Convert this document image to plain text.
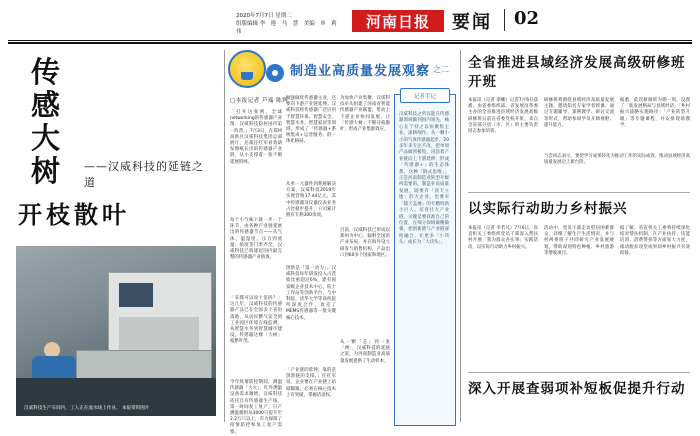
2020年7月7日 星期二
组版编辑 李　艳　马　慧　美编　单　莉　伟
河南日报	要闻 02
传感大树	——汉威科技的延链之道
开枝散叶
汉威科技生产车间内，工人正在流水线上作业。 本报资料图片
制造业高质量发展观察 之二
□本报记者 芦瑞 陈辉
「打开这张网，全球networking的传感器产业图，汉威科技稳居国内第一阵营。」7月3日，在郑州高新区汉威科技集团总部展厅，总裁任红军看着研发图纸长出的传感器产业链，从小支撑着一张不断延展的网。
每个小气味下就一步一个环节，由各种产业链延展出的传感器节点——从气体、温湿度、压力到流量、浓度等门类齐全，汉威科技已构建起国内最完整的传感器产业链条。
「采煤可以说十倍吗？」这几年，汉威科技的传感器产品已在全国多个省份落地，从居民燃气安全到工业园区环境在线监测，从智慧水务到智慧城市建设，传感器这棵「大树」枝繁叶茂。
今年疫情防控期间，测温传感器「大火」，红外测温设备需求激增。汉威科技依托自有传感器生产线，第一时间复工复产，日产测温模组从3000只提升至2.2万只以上，有力保障了疫情防控和复工复产需要。
做强做优传感器主业，还要向下游产业链延伸。汉威科技将传感器广泛应用于智慧环保、智慧安全、智慧水务、智慧家居等领域，形成了「传感器+系统集成+运营服务」的一体化格局。
从单一元器件到系统解决方案，汉威科技2019年实现营收17.44亿元，其中传感器及仪器仪表业务占比稳步提升，公司累计拥有专利300余项。
创新是「第一动力」。汉威科技每年研发投入占营收比重超过6%，建有国家级企业技术中心、院士工作站等创新平台，与中科院、清华大学等高校院所深度合作，攻克了MEMS传感器等一批关键核心技术。
「产业链的延伸，靠的是创新链的支撑。」任红军说，企业要在产业链上站稳脚跟，必须在核心技术上有突破，掌握话语权。
为加快产业集聚，汉威科技牵头组建了河南省智能传感器产业联盟，带动上下游企业协同发展，让「传感大树」不断开枝散叶，形成产业集群效应。
目前，汉威科技已形成以郑州为中心，辐射全国的产业布局，并在海外设立研发与销售机构，产品出口到60多个国家和地区。
从一颗「芯」到一张「网」，汉威科技的延链之道，为河南制造业高质量发展提供了生动样本。
记者手记
汉威科技之所以能在传感器领域做到国内领先，核心在于持之以恒聚焦主业、深耕细作。从一颗小小的气体传感器起步，20多年来专注不改，把单项产品做到极致，再沿着产业链向上下游延伸，形成「传感器+」的生态体系。这种「链式思维」，正是河南制造业转型升级所需要的。制造业高质量发展，既要有「顶天立地」的大企业，也要有「铺天盖地」的专精特新小巨人。培育壮大产业链，关键是要找准自己的位置，在细分领域做精做强，把创新链与产业链深度融合，让更多「小块头」成长为「大块头」。
全省推进县域经济发展高级研修班开班
本报讯（记者 栾姗）记者7月6日获悉，由省委组织部、省发展改革委主办的全省推进县域经济发展高级研修班日前在省委党校开班，来自全省部分县（市、区）的主要负责同志参加培训。
研修班将围绕县域经济高质量发展主题，邀请知名专家学者授课，通过专题辅导、案例教学、研讨交流等形式，帮助参训学员开阔视野、提升能力。
据悉，此次研修班为期一周，设置了「新发展格局与县域经济」「乡村振兴战略实施路径」「产业转型升级」等专题课程，并安排现场教学。
与会同志表示，要把学习成果转化为推动工作的实际成效，推动县域经济高质量发展迈上新台阶。
以实际行动助力乡村振兴
本报讯（记者 李若凡）7月6日，省直机关工委组织党员干部深入帮扶村开展「我为群众办实事」实践活动，以实际行动助力乡村振兴。
活动中，党员干部走访慰问困难群众，详细了解生产生活情况，并与村两委班子共同研究产业发展规划，帮助谋划特色种植、乡村旅游等增收项目。
据了解，省直机关工委将持续深化结对帮扶机制，在产业扶持、技能培训、消费帮扶等方面加大力度，推动脱贫攻坚成果同乡村振兴有效衔接。
深入开展查弱项补短板促提升行动
